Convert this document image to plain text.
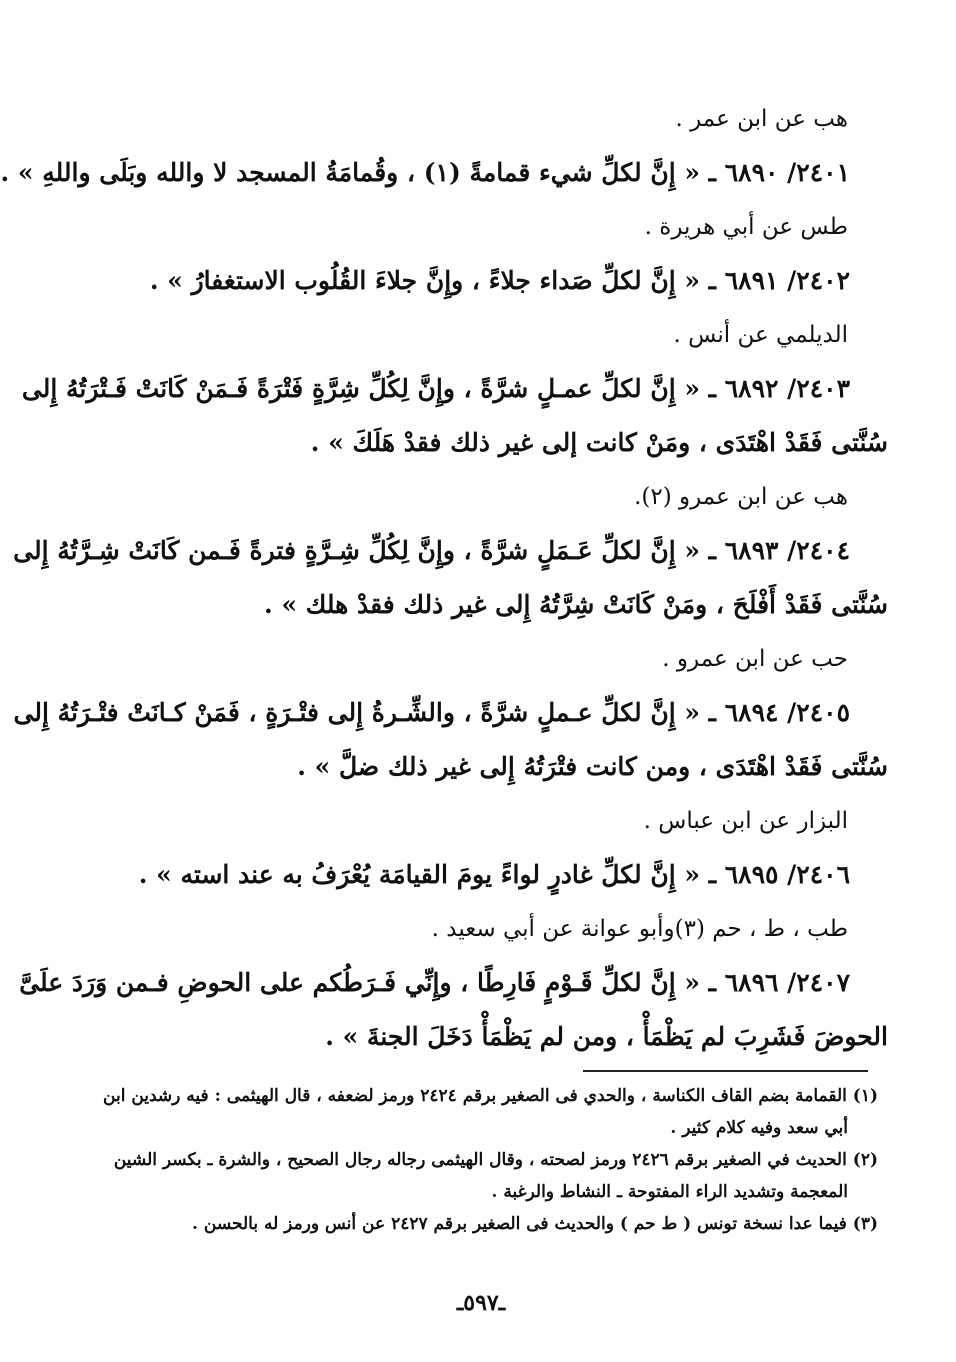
هب عن ابن عمر .
٢٤٠١/ ٦٨٩٠ ـ « إِنَّ لكلِّ شيء قمامةً (١) ، وقُمامَةُ المسجد لا والله وبَلَى واللهِ » .
طس عن أبي هريرة .
٢٤٠٢/ ٦٨٩١ ـ « إِنَّ لكلِّ صَداء جلاءً ، وإِنَّ جلاءَ القُلُوب الاستغفارُ » .
الديلمي عن أنس .
٢٤٠٣/ ٦٨٩٢ ـ « إِنَّ لكلِّ عمـلٍ شرَّةً ، وإِنَّ لِكُلِّ شِرَّةٍ فَتْرَةً فَـمَنْ كَانَتْ فَـتْرَتُهُ إِلى
سُنَّتى فَقَدْ اهْتَدَى ، ومَنْ كانت إلى غير ذلك فقدْ هَلَكَ » .
هب عن ابن عمرو (٢).
٢٤٠٤/ ٦٨٩٣ ـ « إِنَّ لكلِّ عَـمَلٍ شرَّةً ، وإِنَّ لِكُلِّ شِـرَّةٍ فترةً فَـمن كَانَتْ شِـرَّتُهُ إِلى
سُنَّتى فَقَدْ أَفْلَحَ ، ومَنْ كَانَتْ شِرَّتُهُ إِلى غير ذلك فقدْ هلك » .
حب عن ابن عمرو .
٢٤٠٥/ ٦٨٩٤ ـ « إِنَّ لكلِّ عـملٍ شرَّةً ، والشِّـرةُ إِلى فتْـرَةٍ ، فَمَنْ كـانَتْ فتْـرَتُهُ إِلى
سُنَّتى فَقَدْ اهْتَدَى ، ومن كانت فتْرَتُهُ إِلى غير ذلك ضلَّ » .
البزار عن ابن عباس .
٢٤٠٦/ ٦٨٩٥ ـ « إِنَّ لكلِّ غادرٍ لواءً يومَ القيامَة يُعْرَفُ به عند استه » .
طب ، ط ، حم (٣)وأبو عوانة عن أبي سعيد .
٢٤٠٧/ ٦٨٩٦ ـ « إِنَّ لكلِّ قَـوْمٍ فَارِطًا ، وإِنِّي فَـرَطُكم على الحوضِ فـمن وَرَدَ علَىَّ
الحوضَ فَشَرِبَ لم يَظْمَأْ ، ومن لم يَظْمَأْ دَخَلَ الجنةَ » .
(١) القمامة بضم القاف الكناسة ، والحدي فى الصغير برقم ٢٤٢٤ ورمز لضعفه ، قال الهيثمى : فيه رشدين ابن
أبي سعد وفيه كلام كثير .
(٢) الحديث في الصغير برقم ٢٤٢٦ ورمز لصحته ، وقال الهيثمى رجاله رجال الصحيح ، والشرة ـ بكسر الشين
المعجمة وتشديد الراء المفتوحة ـ النشاط والرغبة .
(٣) فيما عدا نسخة تونس ( ط حم ) والحديث فى الصغير برقم ٢٤٢٧ عن أنس ورمز له بالحسن .
ـ٥٩٧ـ
